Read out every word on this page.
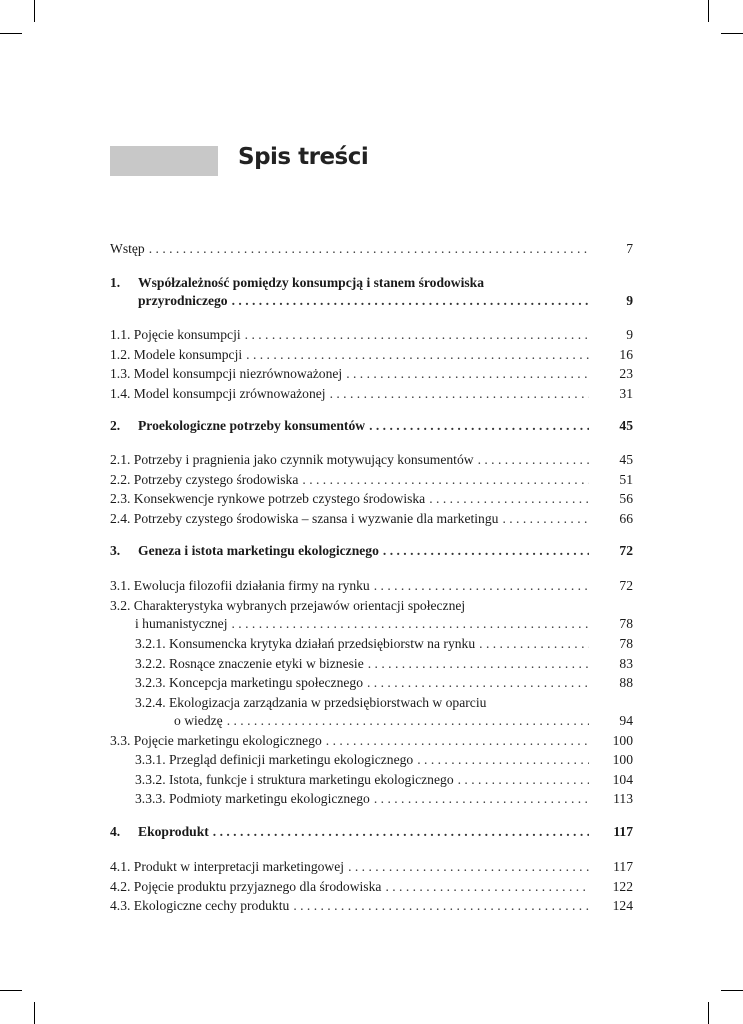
Spis treści
Wstęp . . .	7
1. Współzależność pomiędzy konsumpcją i stanem środowiska
przyrodniczego . . .	9
1.1. Pojęcie konsumpcji . . .	9
1.2. Modele konsumpcji . . .	16
1.3. Model konsumpcji niezrównoważonej . . .	23
1.4. Model konsumpcji zrównoważonej . . .	31
2. Proekologiczne potrzeby konsumentów . . .	45
2.1. Potrzeby i pragnienia jako czynnik motywujący konsumentów . . .	45
2.2. Potrzeby czystego środowiska . . .	51
2.3. Konsekwencje rynkowe potrzeb czystego środowiska . . .	56
2.4. Potrzeby czystego środowiska – szansa i wyzwanie dla marketingu . . .	66
3. Geneza i istota marketingu ekologicznego . . .	72
3.1. Ewolucja filozofii działania firmy na rynku . . .	72
3.2. Charakterystyka wybranych przejawów orientacji społecznej
i humanistycznej . . .	78
3.2.1. Konsumencka krytyka działań przedsiębiorstw na rynku . . .	78
3.2.2. Rosnące znaczenie etyki w biznesie . . .	83
3.2.3. Koncepcja marketingu społecznego . . .	88
3.2.4. Ekologizacja zarządzania w przedsiębiorstwach w oparciu
o wiedzę . . .	94
3.3. Pojęcie marketingu ekologicznego . . .	100
3.3.1. Przegląd definicji marketingu ekologicznego . . .	100
3.3.2. Istota, funkcje i struktura marketingu ekologicznego . . .	104
3.3.3. Podmioty marketingu ekologicznego . . .	113
4. Ekoprodukt . . .	117
4.1. Produkt w interpretacji marketingowej . . .	117
4.2. Pojęcie produktu przyjaznego dla środowiska . . .	122
4.3. Ekologiczne cechy produktu . . .	124
